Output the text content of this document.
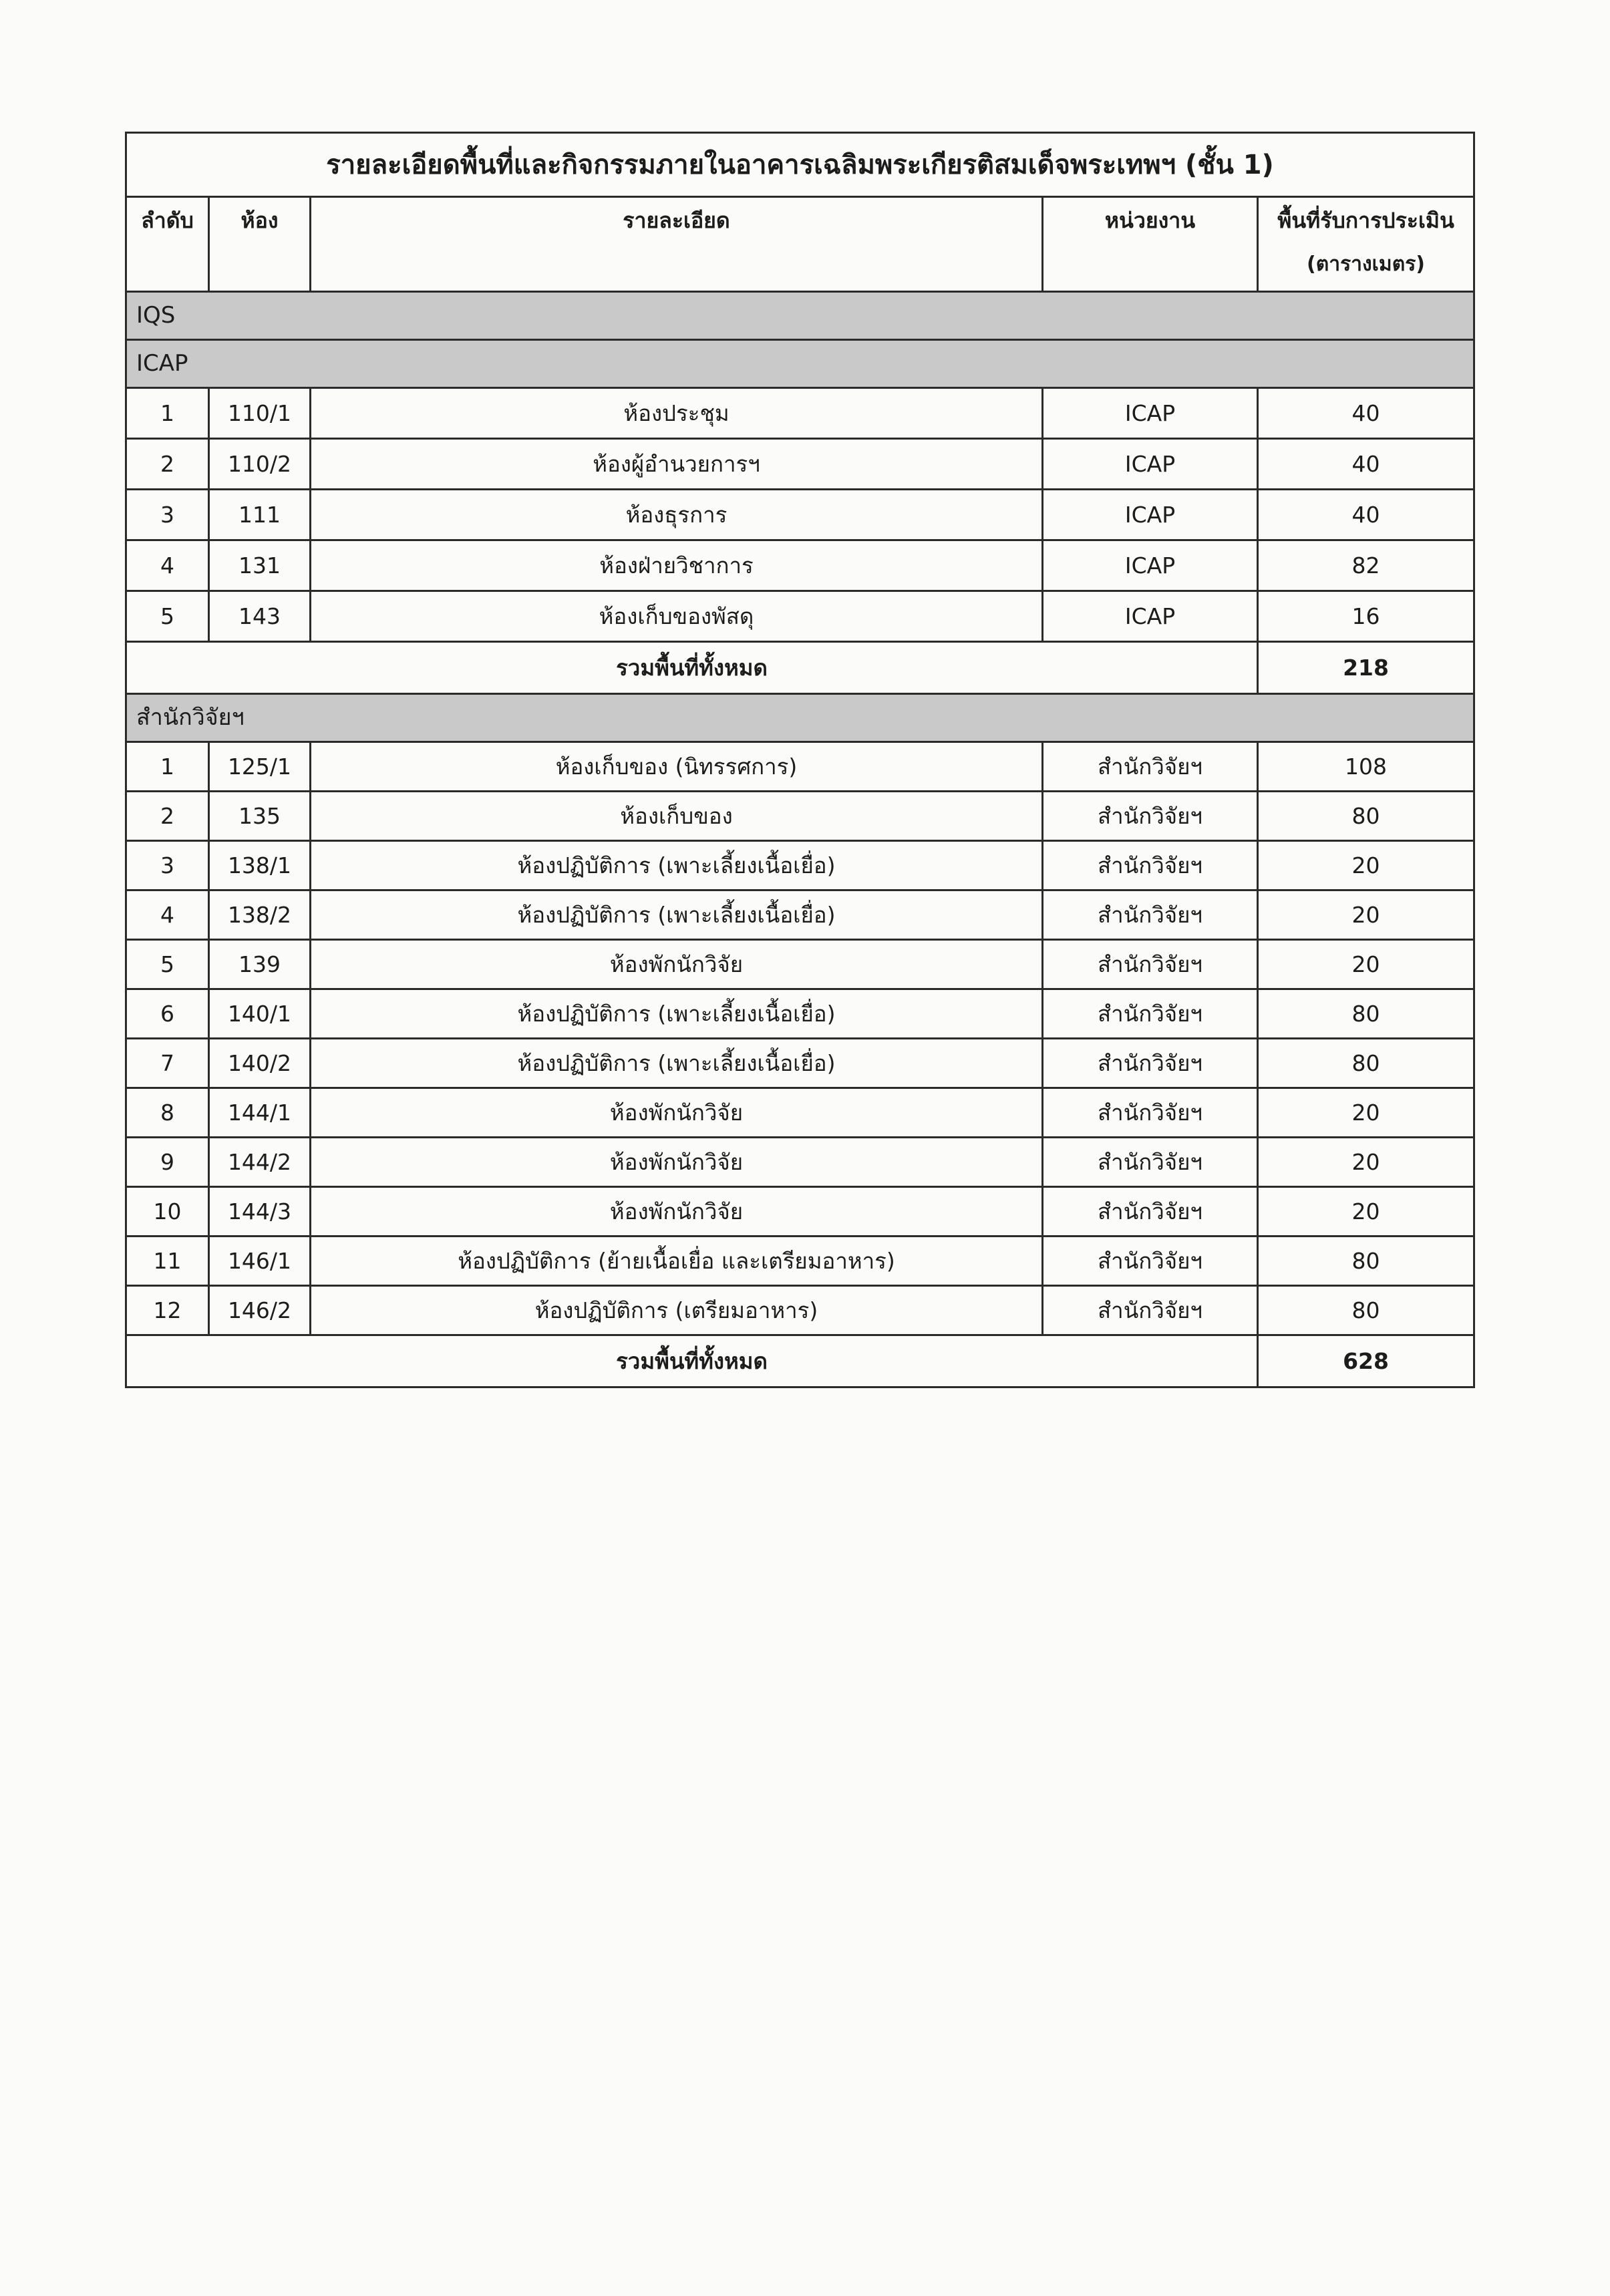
รายละเอียดพื้นที่และกิจกรรมภายในอาคารเฉลิมพระเกียรติสมเด็จพระเทพฯ (ชั้น 1)				
ลำดับ	ห้อง	รายละเอียด	หน่วยงาน	พื้นที่รับการประเมิน
(ตารางเมตร)

IQS				
ICAP				
1	110/1	ห้องประชุม	ICAP	40
2	110/2	ห้องผู้อำนวยการฯ	ICAP	40
3	111	ห้องธุรการ	ICAP	40
4	131	ห้องฝ่ายวิชาการ	ICAP	82
5	143	ห้องเก็บของพัสดุ	ICAP	16
รวมพื้นที่ทั้งหมด				218
สำนักวิจัยฯ				
1	125/1	ห้องเก็บของ (นิทรรศการ)	สำนักวิจัยฯ	108
2	135	ห้องเก็บของ	สำนักวิจัยฯ	80
3	138/1	ห้องปฏิบัติการ (เพาะเลี้ยงเนื้อเยื่อ)	สำนักวิจัยฯ	20
4	138/2	ห้องปฏิบัติการ (เพาะเลี้ยงเนื้อเยื่อ)	สำนักวิจัยฯ	20
5	139	ห้องพักนักวิจัย	สำนักวิจัยฯ	20
6	140/1	ห้องปฏิบัติการ (เพาะเลี้ยงเนื้อเยื่อ)	สำนักวิจัยฯ	80
7	140/2	ห้องปฏิบัติการ (เพาะเลี้ยงเนื้อเยื่อ)	สำนักวิจัยฯ	80
8	144/1	ห้องพักนักวิจัย	สำนักวิจัยฯ	20
9	144/2	ห้องพักนักวิจัย	สำนักวิจัยฯ	20
10	144/3	ห้องพักนักวิจัย	สำนักวิจัยฯ	20
11	146/1	ห้องปฏิบัติการ (ย้ายเนื้อเยื่อ และเตรียมอาหาร)	สำนักวิจัยฯ	80
12	146/2	ห้องปฏิบัติการ (เตรียมอาหาร)	สำนักวิจัยฯ	80
รวมพื้นที่ทั้งหมด				628
